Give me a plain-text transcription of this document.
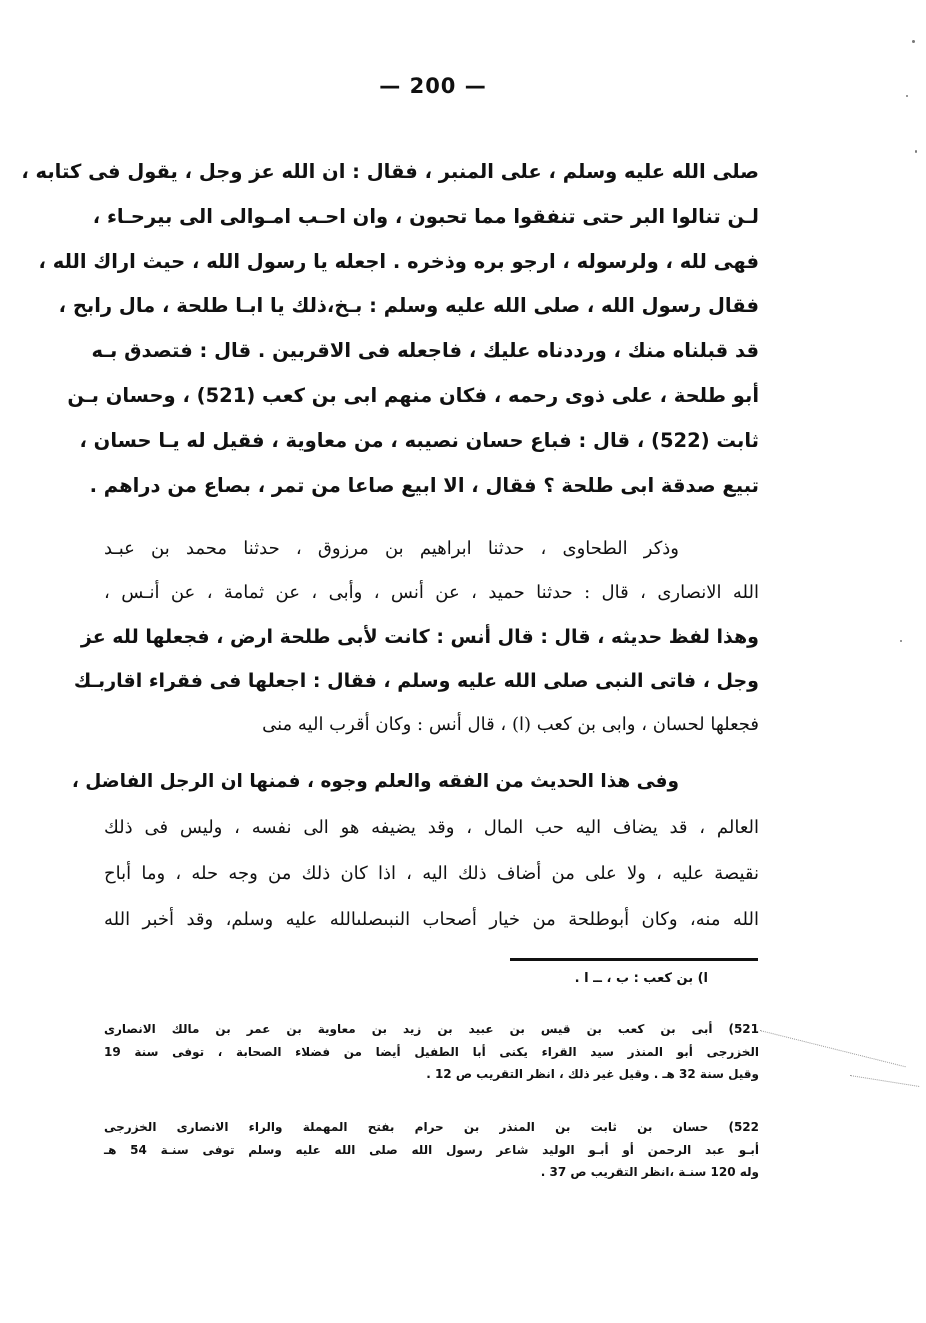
— 200 —
صلى الله عليه وسلم ، على المنبر ، فقال : ان الله عز وجل ، يقول فى كتابه ،
لـن تنالوا البر حتى تنفقوا مما تحبون ، وان احـب امـوالى الى بيرحـاء ،
فهى لله ، ولرسوله ، ارجو بره وذخره . اجعله يا رسول الله ، حيث اراك الله ،
فقال رسول الله ، صلى الله عليه وسلم : بـخ،ذلك يا ابـا طلحة ، مال رابح ،
قد قبلناه منك ، ورددناه عليك ، فاجعله فى الاقربين . قال : فتصدق بـه
أبو طلحة ، على ذوى رحمه ، فكان منهم ابى بن كعب (521) ، وحسان بـن
ثابت (522) ، قال : فباع حسان نصيبه ، من معاوية ، فقيل له يـا حسان ،
تبيع صدقة ابى طلحة ؟ فقال ، الا ابيع صاعا من تمر ، بصاع من دراهم .
وذكر الطحاوى ، حدثنا ابراهيم بن مرزوق ، حدثنا محمد بن عبـد
الله الانصارى ، قال : حدثنا حميد ، عن أنس ، وأبى ، عن ثمامة ، عن أنـس ،
وهذا لفظ حديثه ، قال : قال أنس : كانت لأبى طلحة ارض ، فجعلها لله عز
وجل ، فاتى النبى صلى الله عليه وسلم ، فقال : اجعلها فى فقراء اقاربـك
فجعلها لحسان ، وابى بن كعب (ا) ، قال أنس : وكان أقرب اليه منى
وفى هذا الحديث من الفقه والعلم وجوه ، فمنها ان الرجل الفاضل ،
العالم ، قد يضاف اليه حب المال ، وقد يضيفه هو الى نفسه ، وليس فى ذلك
نقيصة عليه ، ولا على من أضاف ذلك اليه ، اذا كان ذلك من وجه حله ، وما أباح
الله منه، وكان أبوطلحة من خيار أصحاب النبىصلىالله عليه وسلم، وقد أخبر الله
ا) بن كعب : ب ، ــ ا .
521) أبى بن كعب بن قيس بن عبيد بن زيد بن معاوية بن عمر بن مالك الانصارى
الخزرجى أبو المنذر سيد القراء يكنى أبا الطفيل أيضا من فضلاء الصحابة ، توفى سنة 19
وقيل سنة 32 هـ . وقيل غير ذلك ، انظر التقريب ص 12 .
522) حسان بن ثابت بن المنذر بن حرام بفتح المهملة والراء الانصارى الخزرجى
أبـو عبد الرحمن أو أبـو الوليد شاعر رسول الله صلى الله عليه وسلم توفى سنـة 54 هـ
وله 120 سنـة ،انظر التقريب ص 37 .
